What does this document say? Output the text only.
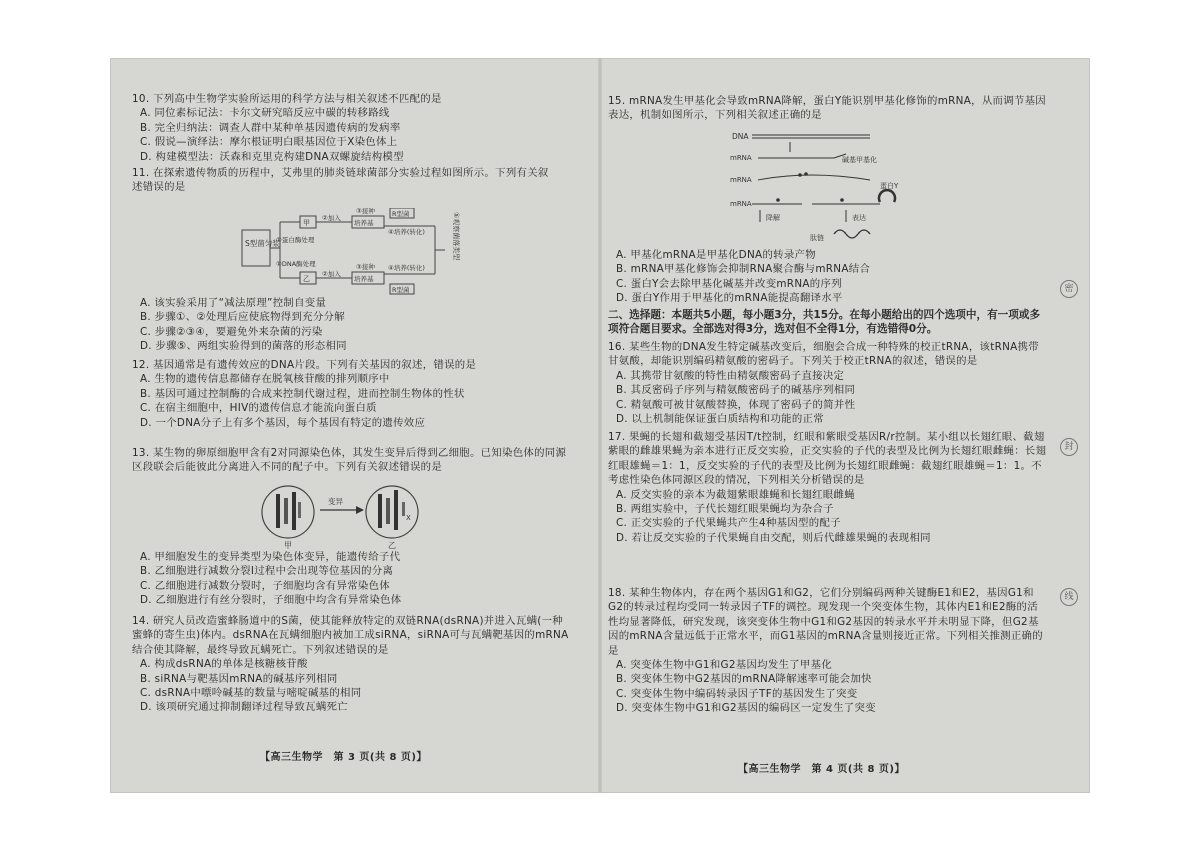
10. 下列高中生物学实验所运用的科学方法与相关叙述不匹配的是
A. 同位素标记法：卡尔文研究暗反应中碳的转移路线
B. 完全归纳法：调查人群中某种单基因遗传病的发病率
C. 假说—演绎法：摩尔根证明白眼基因位于X染色体上
D. 构建模型法：沃森和克里克构建DNA双螺旋结构模型
11. 在探索遗传物质的历程中，艾弗里的肺炎链球菌部分实验过程如图所示。下列有关叙述错误的是
S型菌匀浆
①蛋白酶处理
①DNA酶处理
甲
②加入
培养基
③接种	R型菌
④培养(转化)
乙
②加入
培养基
③接种
R型菌
④培养(转化)
⑤观察菌落类型
A. 该实验采用了“减法原理”控制自变量
B. 步骤①、②处理后应使底物得到充分分解
C. 步骤②③④，要避免外来杂菌的污染
D. 步骤⑤、两组实验得到的菌落的形态相同
12. 基因通常是有遗传效应的DNA片段。下列有关基因的叙述，错误的是
A. 生物的遗传信息都储存在脱氧核苷酸的排列顺序中
B. 基因可通过控制酶的合成来控制代谢过程，进而控制生物体的性状
C. 在宿主细胞中，HIV的遗传信息才能流向蛋白质
D. 一个DNA分子上有多个基因，每个基因有特定的遗传效应
13. 某生物的卵原细胞甲含有2对同源染色体，其发生变异后得到乙细胞。已知染色体的同源区段联会后能彼此分离进入不同的配子中。下列有关叙述错误的是
甲
变异
X
乙
A. 甲细胞发生的变异类型为染色体变异，能遗传给子代
B. 乙细胞进行减数分裂Ⅰ过程中会出现等位基因的分离
C. 乙细胞进行减数分裂时，子细胞均含有异常染色体
D. 乙细胞进行有丝分裂时，子细胞中均含有异常染色体
14. 研究人员改造蜜蜂肠道中的S菌，使其能释放特定的双链RNA(dsRNA)并进入瓦螨(一种蜜蜂的寄生虫)体内。dsRNA在瓦螨细胞内被加工成siRNA，siRNA可与瓦螨靶基因的mRNA结合使其降解，最终导致瓦螨死亡。下列叙述错误的是
A. 构成dsRNA的单体是核糖核苷酸
B. siRNA与靶基因mRNA的碱基序列相同
C. dsRNA中嘌呤碱基的数量与嘧啶碱基的相同
D. 该项研究通过抑制翻译过程导致瓦螨死亡
【高三生物学　第 3 页(共 8 页)】
15. mRNA发生甲基化会导致mRNA降解，蛋白Y能识别甲基化修饰的mRNA，从而调节基因表达，机制如图所示，下列相关叙述正确的是
DNA
mRNA	碱基甲基化
mRNA
mRNA
蛋白Y
降解	表达
肽链
A. 甲基化mRNA是甲基化DNA的转录产物
B. mRNA甲基化修饰会抑制RNA聚合酶与mRNA结合
C. 蛋白Y会去除甲基化碱基并改变mRNA的序列
D. 蛋白Y作用于甲基化的mRNA能提高翻译水平
二、选择题：本题共5小题，每小题3分，共15分。在每小题给出的四个选项中，有一项或多项符合题目要求。全部选对得3分，选对但不全得1分，有选错得0分。
16. 某些生物的DNA发生特定碱基改变后，细胞会合成一种特殊的校正tRNA，该tRNA携带甘氨酸，却能识别编码精氨酸的密码子。下列关于校正tRNA的叙述，错误的是
A. 其携带甘氨酸的特性由精氨酸密码子直接决定
B. 其反密码子序列与精氨酸密码子的碱基序列相同
C. 精氨酸可被甘氨酸替换，体现了密码子的简并性
D. 以上机制能保证蛋白质结构和功能的正常
17. 果蝇的长翅和截翅受基因T/t控制，红眼和紫眼受基因R/r控制。某小组以长翅红眼、截翅紫眼的雌雄果蝇为亲本进行正反交实验，正交实验的子代的表型及比例为长翅红眼雌蝇：长翅红眼雄蝇＝1：1，反交实验的子代的表型及比例为长翅红眼雌蝇：截翅红眼雄蝇＝1：1。不考虑性染色体同源区段的情况，下列相关分析错误的是
A. 反交实验的亲本为截翅紫眼雄蝇和长翅红眼雌蝇
B. 两组实验中，子代长翅红眼果蝇均为杂合子
C. 正交实验的子代果蝇共产生4种基因型的配子
D. 若让反交实验的子代果蝇自由交配，则后代雌雄果蝇的表现相同
18. 某种生物体内，存在两个基因G1和G2，它们分别编码两种关键酶E1和E2，基因G1和G2的转录过程均受同一转录因子TF的调控。现发现一个突变体生物，其体内E1和E2酶的活性均显著降低，研究发现，该突变体生物中G1和G2基因的转录水平并未明显下降，但G2基因的mRNA含量远低于正常水平，而G1基因的mRNA含量则接近正常。下列相关推测正确的是
A. 突变体生物中G1和G2基因均发生了甲基化
B. 突变体生物中G2基因的mRNA降解速率可能会加快
C. 突变体生物中编码转录因子TF的基因发生了突变
D. 突变体生物中G1和G2基因的编码区一定发生了突变
【高三生物学　第 4 页(共 8 页)】
密
封
线
